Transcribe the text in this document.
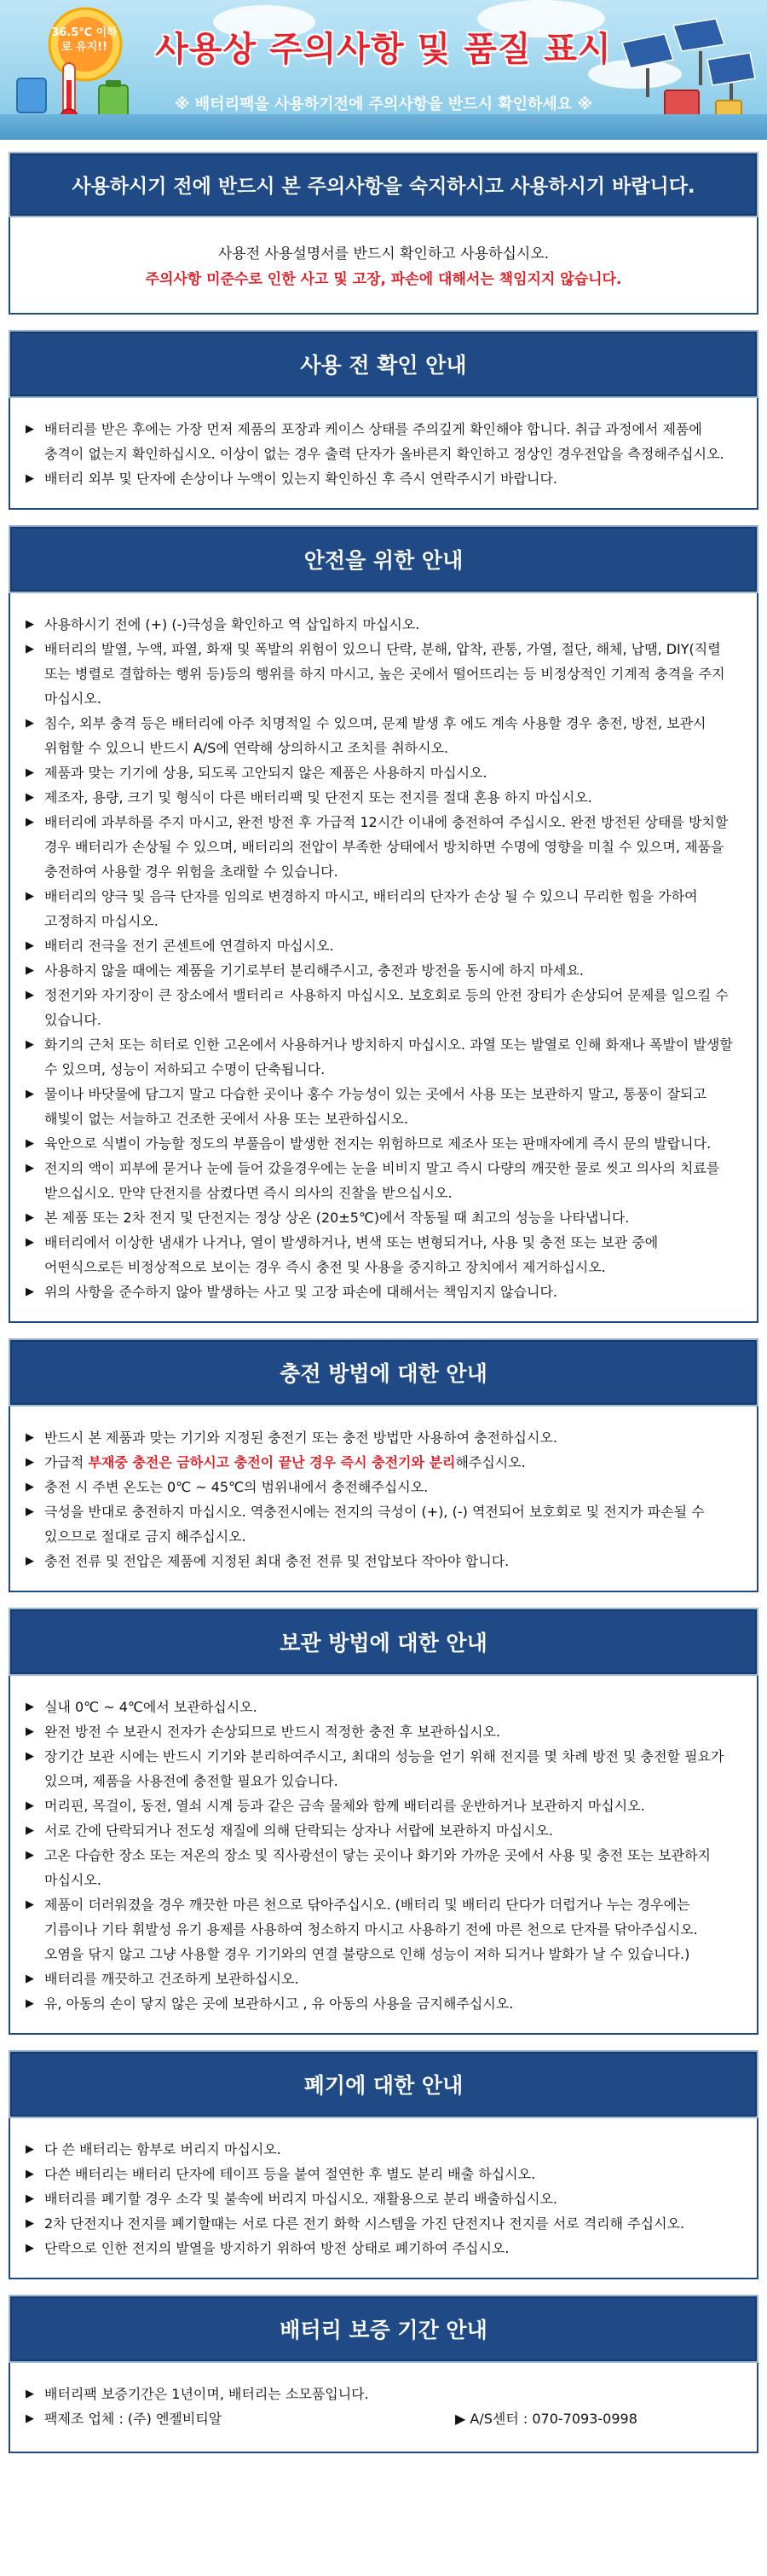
36.5℃ 이하로 유지!!	사용상 주의사항 및 품질 표시
※ 배터리팩을 사용하기전에 주의사항을 반드시 확인하세요 ※
사용하시기 전에 반드시 본 주의사항을 숙지하시고 사용하시기 바랍니다.

사용전 사용설명서를 반드시 확인하고 사용하십시오.

주의사항 미준수로 인한 사고 및 고장, 파손에 대해서는 책임지지 않습니다.

사용 전 확인 안내
▶ 배터리를 받은 후에는 가장 먼저 제품의 포장과 케이스 상태를 주의깊게 확인해야 합니다. 취급 과정에서 제품에 충격이 없는지 확인하십시오. 이상이 없는 경우 출력 단자가 올바른지 확인하고 정상인 경우전압을 측정해주십시오.
▶ 배터리 외부 및 단자에 손상이나 누액이 있는지 확인하신 후 즉시 연락주시기 바랍니다.
안전을 위한 안내
▶ 사용하시기 전에 (+) (-)극성을 확인하고 역 삽입하지 마십시오.
▶ 배터리의 발열, 누액, 파열, 화재 및 폭발의 위험이 있으니 단락, 분해, 압착, 관통, 가열, 절단, 해체, 납땜, DIY(직렬 또는 병렬로 결합하는 행위 등)등의 행위를 하지 마시고, 높은 곳에서 떨어뜨리는 등 비정상적인 기계적 충격을 주지 마십시오.
▶ 침수, 외부 충격 등은 배터리에 아주 치명적일 수 있으며, 문제 발생 후 에도 계속 사용할 경우 충전, 방전, 보관시 위험할 수 있으니 반드시 A/S에 연락해 상의하시고 조치를 취하시오.
▶ 제품과 맞는 기기에 상용, 되도록 고안되지 않은 제품은 사용하지 마십시오.
▶ 제조자, 용량, 크기 및 형식이 다른 배터리팩 및 단전지 또는 전지를 절대 혼용 하지 마십시오.
▶ 배터리에 과부하를 주지 마시고, 완전 방전 후 가급적 12시간 이내에 충전하여 주십시오. 완전 방전된 상태를 방치할 경우 배터리가 손상될 수 있으며, 배터리의 전압이 부족한 상태에서 방치하면 수명에 영향을 미칠 수 있으며, 제품을 충전하여 사용할 경우 위험을 초래할 수 있습니다.
▶ 배터리의 양극 및 음극 단자를 임의로 변경하지 마시고, 배터리의 단자가 손상 될 수 있으니 무리한 힘을 가하여 고정하지 마십시오.
▶ 배터리 전극을 전기 콘센트에 연결하지 마십시오.
▶ 사용하지 않을 때에는 제품을 기기로부터 분리해주시고, 충전과 방전을 동시에 하지 마세요.
▶ 정전기와 자기장이 큰 장소에서 밸터리ㄹ 사용하지 마십시오. 보호회로 등의 안전 장티가 손상되어 문제를 일으킬 수 있습니다.
▶ 화기의 근처 또는 히터로 인한 고온에서 사용하거나 방치하지 마십시오. 과열 또는 발열로 인해 화재나 폭발이 발생할 수 있으며, 성능이 저하되고 수명이 단축됩니다.
▶ 물이나 바닷물에 담그지 말고 다습한 곳이나 홍수 가능성이 있는 곳에서 사용 또는 보관하지 말고, 통풍이 잘되고 해빛이 없는 서늘하고 건조한 곳에서 사용 또는 보관하십시오.
▶ 육안으로 식별이 가능할 정도의 부풀음이 발생한 전지는 위험하므로 제조사 또는 판매자에게 즉시 문의 발랍니다.
▶ 전지의 액이 피부에 묻거나 눈에 들어 갔을경우에는 눈을 비비지 말고 즉시 다량의 깨끗한 물로 씻고 의사의 치료를 받으십시오. 만약 단전지를 삼켰다면 즉시 의사의 진찰을 받으십시오.
▶ 본 제품 또는 2차 전지 및 단전지는 정상 상온 (20±5℃)에서 작동될 때 최고의 성능을 나타냅니다.
▶ 배터리에서 이상한 냄새가 나거나, 열이 발생하거나, 변색 또는 변형되거나, 사용 및 충전 또는 보관 중에 어떤식으로든 비정상적으로 보이는 경우 즉시 충전 및 사용을 중지하고 장치에서 제거하십시오.
▶ 위의 사항을 준수하지 않아 발생하는 사고 및 고장 파손에 대해서는 책임지지 않습니다.
충전 방법에 대한 안내
▶ 반드시 본 제품과 맞는 기기와 지정된 충전기 또는 충전 방법만 사용하여 충전하십시오.
▶ 가급적 부재중 충전은 금하시고 충전이 끝난 경우 즉시 충전기와 분리해주십시오.
▶ 충전 시 주변 온도는 0℃ ~ 45℃의 범위내에서 충전해주십시오.
▶ 극성을 반대로 충전하지 마십시오. 역충전시에는 전지의 극성이 (+), (-) 역전되어 보호회로 및 전지가 파손될 수 있으므로 절대로 금지 해주십시오.
▶ 충전 전류 및 전압은 제품에 지정된 최대 충전 전류 및 전압보다 작아야 합니다.
보관 방법에 대한 안내
▶ 실내 0℃ ~ 4℃에서 보관하십시오.
▶ 완전 방전 수 보관시 전자가 손상되므로 반드시 적정한 충전 후 보관하십시오.
▶ 장기간 보관 시에는 반드시 기기와 분리하여주시고, 최대의 성능을 얻기 위해 전지를 몇 차례 방전 및 충전할 필요가 있으며, 제품을 사용전에 충전할 필요가 있습니다.
▶ 머리핀, 목걸이, 동전, 열쇠 시계 등과 같은 금속 물체와 함께 배터리를 운반하거나 보관하지 마십시오.
▶ 서로 간에 단락되거나 전도성 재질에 의해 단락되는 상자나 서랍에 보관하지 마십시오.
▶ 고온 다습한 장소 또는 저온의 장소 및 직사광선이 닿는 곳이나 화기와 가까운 곳에서 사용 및 충전 또는 보관하지 마십시오.
▶ 제품이 더러워졌을 경우 깨끗한 마른 천으로 닦아주십시오. (배터리 및 배터리 단다가 더럽거나 누는 경우에는 기름이나 기타 휘발성 유기 용제를 사용하여 청소하지 마시고 사용하기 전에 마른 천으로 단자를 닦아주십시오. 오염을 닦지 않고 그냥 사용할 경우 기기와의 연결 불량으로 인해 성능이 저하 되거나 발화가 날 수 있습니다.)
▶ 배터리를 깨끗하고 건조하게 보관하십시오.
▶ 유, 아동의 손이 닿지 않은 곳에 보관하시고 , 유 아동의 사용을 금지해주십시오.
폐기에 대한 안내
▶ 다 쓴 배터리는 함부로 버리지 마십시오.
▶ 다쓴 배터리는 배터리 단자에 테이프 등을 붙여 절연한 후 별도 분리 배출 하십시오.
▶ 배터리를 폐기할 경우 소각 및 불속에 버리지 마십시오. 재활용으로 분리 배출하십시오.
▶ 2차 단전지나 전지를 폐기할때는 서로 다른 전기 화학 시스템을 가진 단전지나 전지를 서로 격리해 주십시오.
▶ 단락으로 인한 전지의 발열을 방지하기 위하여 방전 상태로 폐기하여 주십시오.
배터리 보증 기간 안내
▶ 배터리팩 보증기간은 1년이며, 배터리는 소모품입니다.
▶ 팩제조 업체 : (주) 엔젤비티알	▶ A/S센터 : 070-7093-0998
